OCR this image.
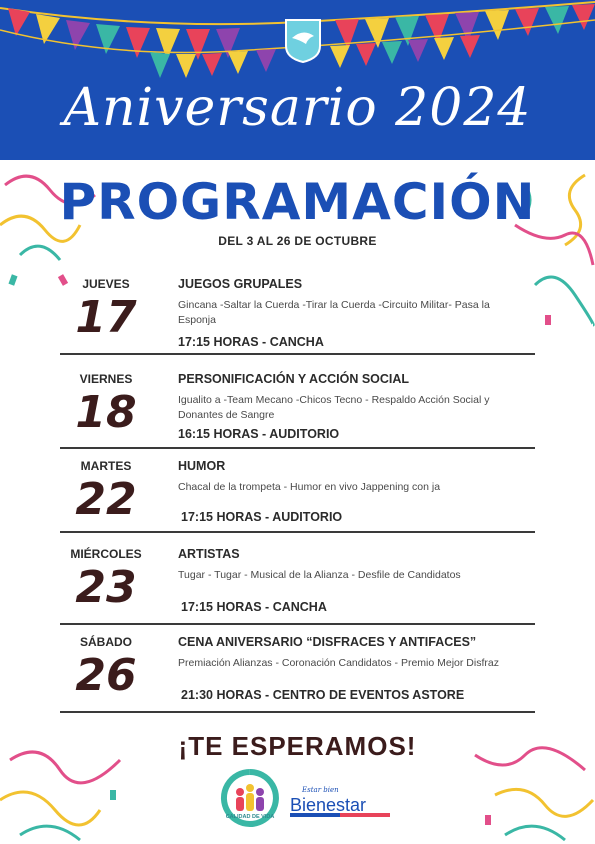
Aniversario 2024
PROGRAMACIÓN
DEL 3 AL 26 DE OCTUBRE
JUEVES
17
JUEGOS GRUPALES
Gincana -Saltar la Cuerda -Tirar la Cuerda -Circuito Militar- Pasa la Esponja
17:15 HORAS - CANCHA
VIERNES
18
PERSONIFICACIÓN Y ACCIÓN SOCIAL
Igualito a -Team Mecano -Chicos Tecno - Respaldo Acción Social y Donantes de Sangre
16:15 HORAS - AUDITORIO
MARTES
22
HUMOR
Chacal de la trompeta - Humor en vivo Jappening con ja
17:15 HORAS - AUDITORIO
MIÉRCOLES
23
ARTISTAS
Tugar - Tugar - Musical de la Alianza - Desfile de Candidatos
17:15 HORAS - CANCHA
SÁBADO
26
CENA ANIVERSARIO “DISFRACES Y ANTIFACES”
Premiación Alianzas - Coronación Candidatos - Premio Mejor Disfraz
21:30 HORAS - CENTRO DE EVENTOS ASTORE
¡TE ESPERAMOS!
CALIDAD DE VIDA
Estar bien
Bienestar
